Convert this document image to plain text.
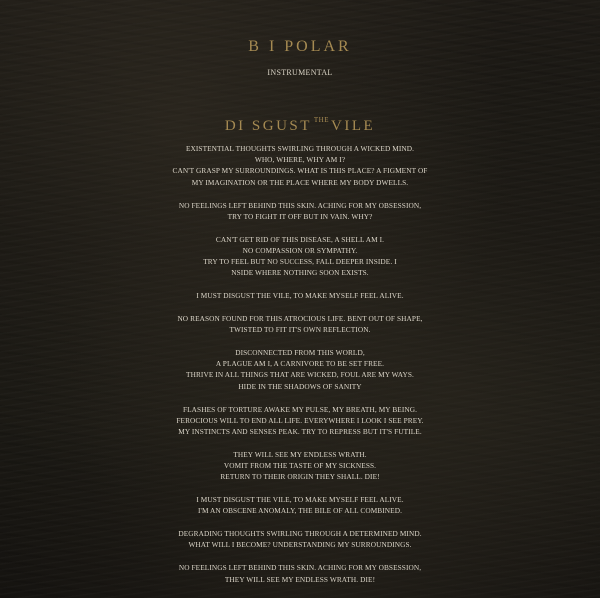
B I POLAR
INSTRUMENTAL
DI SGUST $^{THE}$ VILE
EXISTENTIAL THOUGHTS SWIRLING THROUGH A WICKED MIND.
WHO, WHERE, WHY AM I?
CAN'T GRASP MY SURROUNDINGS. WHAT IS THIS PLACE? A FIGMENT OF
MY IMAGINATION OR THE PLACE WHERE MY BODY DWELLS.
NO FEELINGS LEFT BEHIND THIS SKIN. ACHING FOR MY OBSESSION,
TRY TO FIGHT IT OFF BUT IN VAIN. WHY?
CAN'T GET RID OF THIS DISEASE, A SHELL AM I.
NO COMPASSION OR SYMPATHY.
TRY TO FEEL BUT NO SUCCESS, FALL DEEPER INSIDE. I
NSIDE WHERE NOTHING SOON EXISTS.
I MUST DISGUST THE VILE, TO MAKE MYSELF FEEL ALIVE.
NO REASON FOUND FOR THIS ATROCIOUS LIFE. BENT OUT OF SHAPE,
TWISTED TO FIT IT'S OWN REFLECTION.
DISCONNECTED FROM THIS WORLD,
A PLAGUE AM I, A CARNIVORE TO BE SET FREE.
THRIVE IN ALL THINGS THAT ARE WICKED, FOUL ARE MY WAYS.
HIDE IN THE SHADOWS OF SANITY
FLASHES OF TORTURE AWAKE MY PULSE, MY BREATH, MY BEING.
FEROCIOUS WILL TO END ALL LIFE. EVERYWHERE I LOOK I SEE PREY.
MY INSTINCTS AND SENSES PEAK. TRY TO REPRESS BUT IT'S FUTILE.
THEY WILL SEE MY ENDLESS WRATH.
VOMIT FROM THE TASTE OF MY SICKNESS.
RETURN TO THEIR ORIGIN THEY SHALL. DIE!
I MUST DISGUST THE VILE, TO MAKE MYSELF FEEL ALIVE.
I'M AN OBSCENE ANOMALY, THE BILE OF ALL COMBINED.
DEGRADING THOUGHTS SWIRLING THROUGH A DETERMINED MIND.
WHAT WILL I BECOME? UNDERSTANDING MY SURROUNDINGS.
NO FEELINGS LEFT BEHIND THIS SKIN. ACHING FOR MY OBSESSION,
THEY WILL SEE MY ENDLESS WRATH. DIE!
